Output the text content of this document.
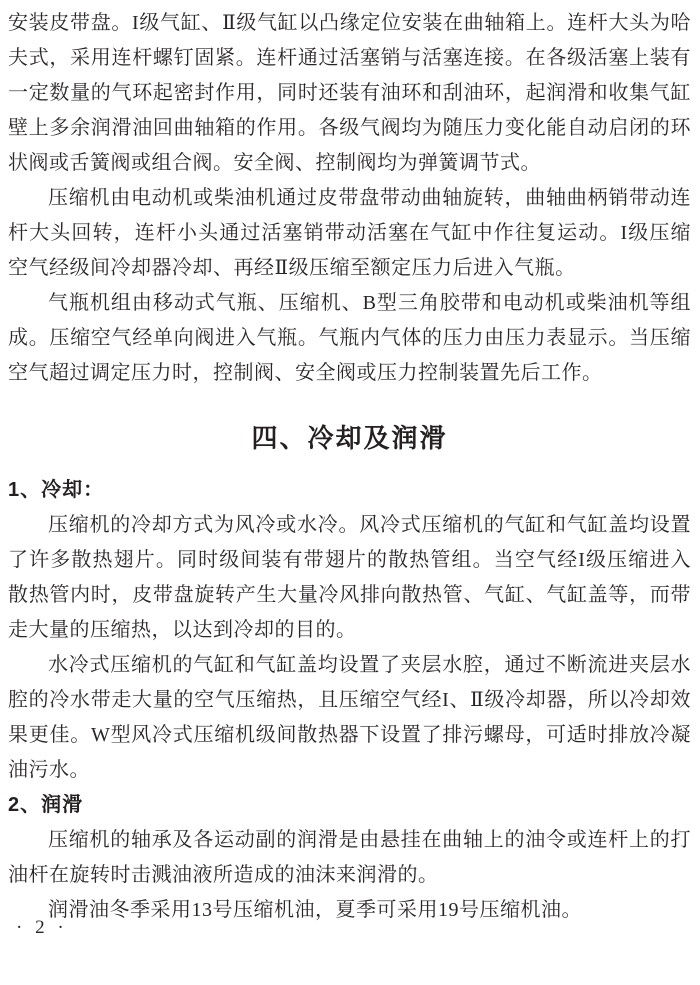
安装皮带盘。I级气缸、Ⅱ级气缸以凸缘定位安装在曲轴箱上。连杆大头为哈夫式，采用连杆螺钉固紧。连杆通过活塞销与活塞连接。在各级活塞上装有一定数量的气环起密封作用，同时还装有油环和刮油环，起润滑和收集气缸壁上多余润滑油回曲轴箱的作用。各级气阀均为随压力变化能自动启闭的环状阀或舌簧阀或组合阀。安全阀、控制阀均为弹簧调节式。

压缩机由电动机或柴油机通过皮带盘带动曲轴旋转，曲轴曲柄销带动连杆大头回转，连杆小头通过活塞销带动活塞在气缸中作往复运动。I级压缩空气经级间冷却器冷却、再经Ⅱ级压缩至额定压力后进入气瓶。

气瓶机组由移动式气瓶、压缩机、B型三角胶带和电动机或柴油机等组成。压缩空气经单向阀进入气瓶。气瓶内气体的压力由压力表显示。当压缩空气超过调定压力时，控制阀、安全阀或压力控制装置先后工作。

四、冷却及润滑
1、冷却：

压缩机的冷却方式为风冷或水冷。风冷式压缩机的气缸和气缸盖均设置了许多散热翅片。同时级间装有带翅片的散热管组。当空气经I级压缩进入散热管内时，皮带盘旋转产生大量冷风排向散热管、气缸、气缸盖等，而带走大量的压缩热，以达到冷却的目的。

水冷式压缩机的气缸和气缸盖均设置了夹层水腔，通过不断流进夹层水腔的冷水带走大量的空气压缩热，且压缩空气经I、Ⅱ级冷却器，所以冷却效果更佳。W型风冷式压缩机级间散热器下设置了排污螺母，可适时排放冷凝油污水。

2、润滑

压缩机的轴承及各运动副的润滑是由悬挂在曲轴上的油令或连杆上的打油杆在旋转时击溅油液所造成的油沫来润滑的。

润滑油冬季采用13号压缩机油，夏季可采用19号压缩机油。

· 2 ·
